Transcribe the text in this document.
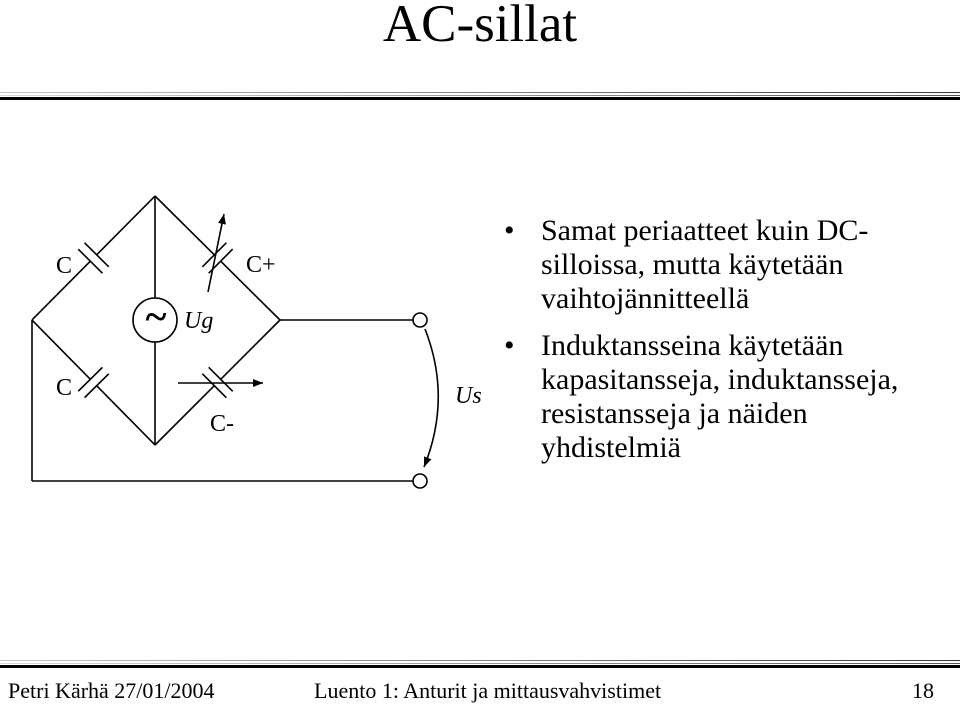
AC-sillat
~
C
C
C+
C-
Ug
Us
• Samat periaatteet kuin DC-
silloissa, mutta käytetään
vaihtojännitteellä
• Induktansseina käytetään
kapasitansseja, induktansseja,
resistansseja ja näiden
yhdistelmiä
Petri Kärhä 27/01/2004	Luento 1: Anturit ja mittausvahvistimet	18
